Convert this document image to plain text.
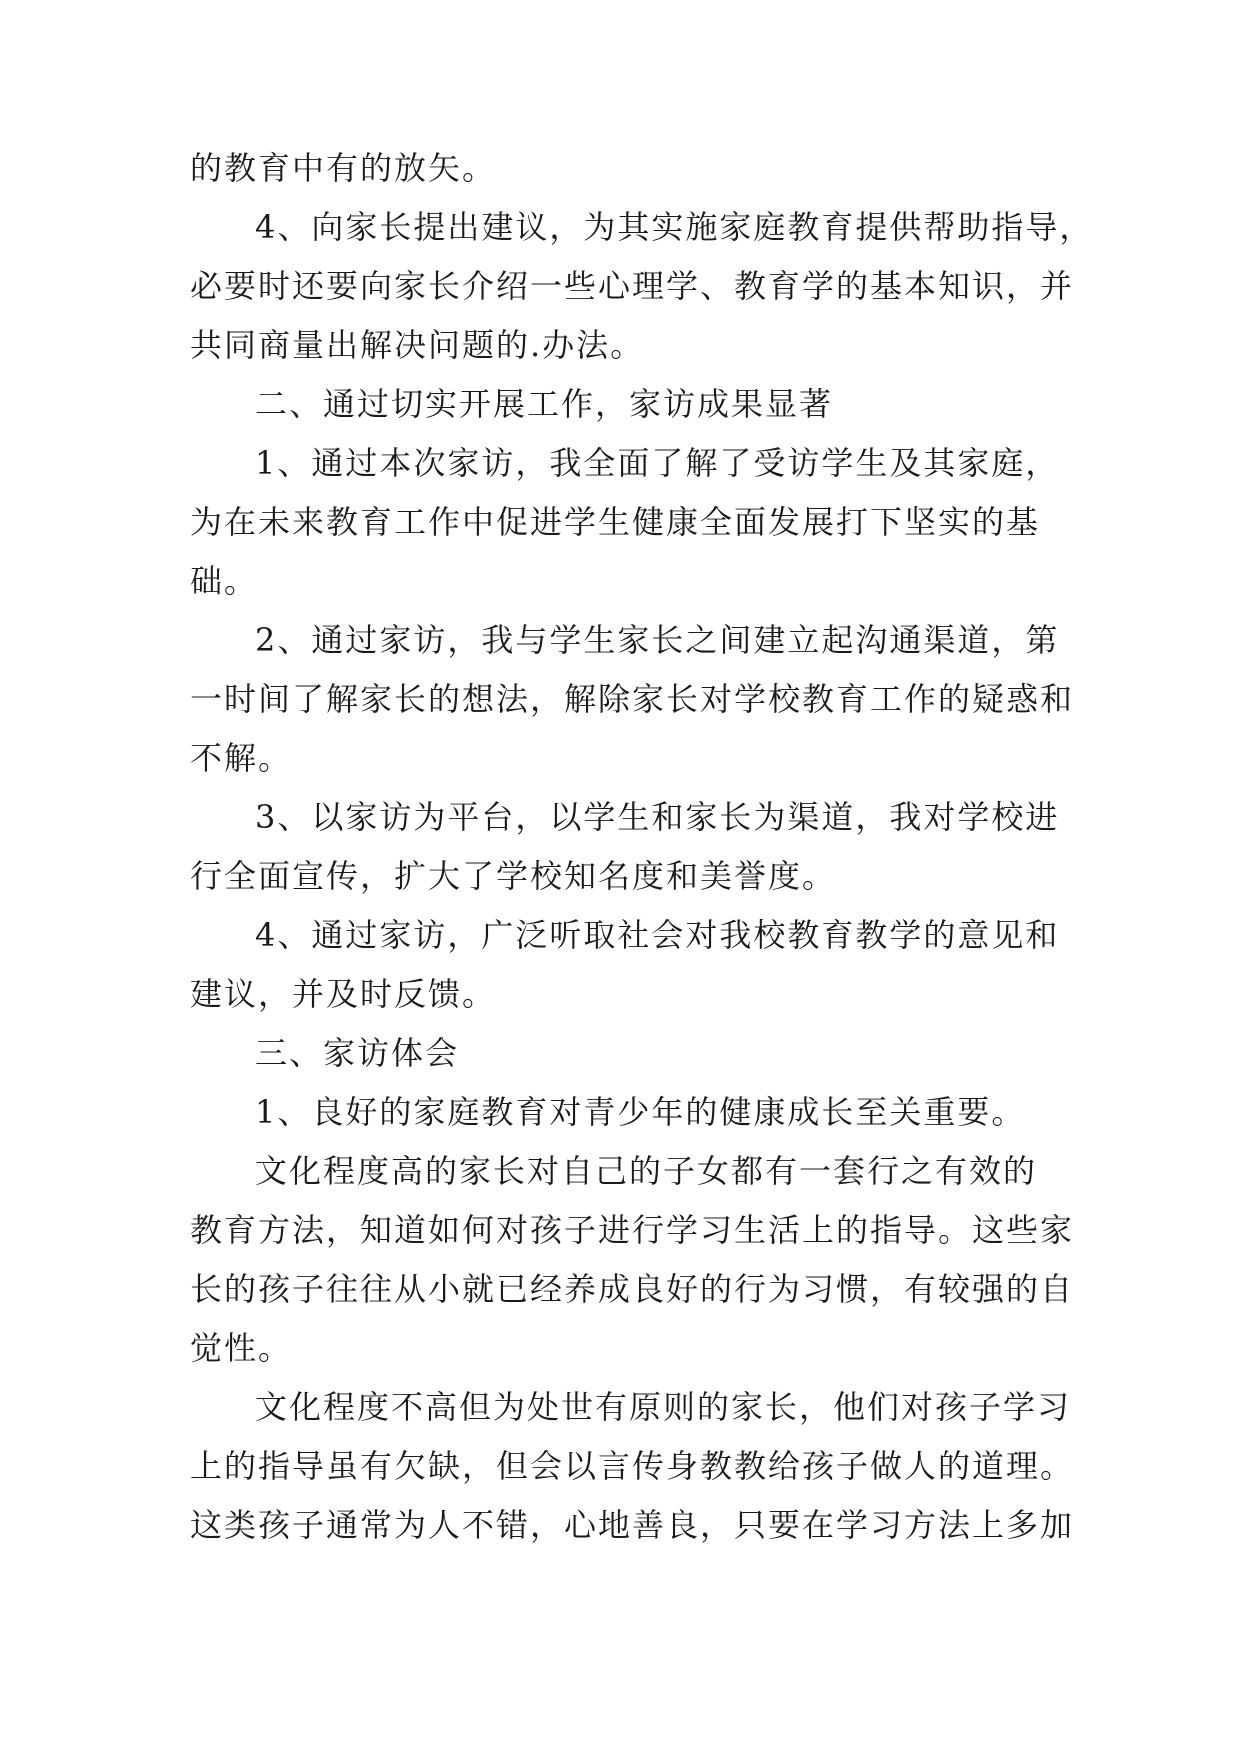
的教育中有的放矢。
4、向家长提出建议，为其实施家庭教育提供帮助指导，
必要时还要向家长介绍一些心理学、教育学的基本知识，并
共同商量出解决问题的.办法。
二、通过切实开展工作，家访成果显著
1、通过本次家访，我全面了解了受访学生及其家庭，
为在未来教育工作中促进学生健康全面发展打下坚实的基
础。
2、通过家访，我与学生家长之间建立起沟通渠道，第
一时间了解家长的想法，解除家长对学校教育工作的疑惑和
不解。
3、以家访为平台，以学生和家长为渠道，我对学校进
行全面宣传，扩大了学校知名度和美誉度。
4、通过家访，广泛听取社会对我校教育教学的意见和
建议，并及时反馈。
三、家访体会
1、良好的家庭教育对青少年的健康成长至关重要。
文化程度高的家长对自己的子女都有一套行之有效的
教育方法，知道如何对孩子进行学习生活上的指导。这些家
长的孩子往往从小就已经养成良好的行为习惯，有较强的自
觉性。
文化程度不高但为处世有原则的家长，他们对孩子学习
上的指导虽有欠缺，但会以言传身教教给孩子做人的道理。
这类孩子通常为人不错，心地善良，只要在学习方法上多加
